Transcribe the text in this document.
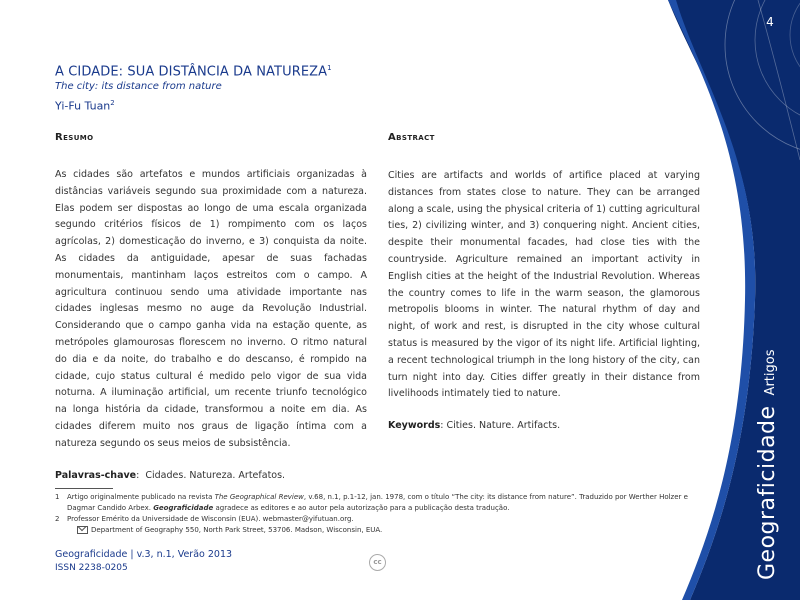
4
GeograficidadeArtigos
A CIDADE: SUA DISTÂNCIA DA NATUREZA$^1$
The city: its distance from nature
Yi-Fu Tuan$^2$
Resumo
As cidades são artefatos e mundos artificiais organizadas à distâncias variáveis segundo sua proximidade com a natureza. Elas podem ser dispostas ao longo de uma escala organizada segundo critérios físicos de 1) rompimento com os laços agrícolas, 2) domesticação do inverno, e 3) conquista da noite. As cidades da antiguidade, apesar de suas fachadas monumentais, mantinham laços estreitos com o campo. A agricultura continuou sendo uma atividade importante nas cidades inglesas mesmo no auge da Revolução Industrial. Considerando que o campo ganha vida na estação quente, as metrópoles glamourosas florescem no inverno. O ritmo natural do dia e da noite, do trabalho e do descanso, é rompido na cidade, cujo status cultural é medido pelo vigor de sua vida noturna. A iluminação artificial, um recente triunfo tecnológico na longa história da cidade, transformou a noite em dia. As cidades diferem muito nos graus de ligação íntima com a natureza segundo os seus meios de subsistência.
Palavras-chave:  Cidades. Natureza. Artefatos.
Abstract
Cities are artifacts and worlds of artifice placed at varying distances from states close to nature. They can be arranged along a scale, using the physical criteria of 1) cutting agricultural ties, 2) civilizing winter, and 3) conquering night. Ancient cities, despite their monumental facades, had close ties with the countryside. Agriculture remained an important activity in English cities at the height of the Industrial Revolution. Whereas the country comes to life in the warm season, the glamorous metropolis blooms in winter. The natural rhythm of day and night, of work and rest, is disrupted in the city whose cultural status is measured by the vigor of its night life. Artificial lighting, a recent technological triumph in the long history of the city, can turn night into day. Cities differ greatly in their distance from livelihoods intimately tied to nature.
Keywords: Cities. Nature. Artifacts.
1 Artigo originalmente publicado na revista The Geographical Review, v.68, n.1, p.1-12, jan. 1978, com o título “The city: its distance from nature”. Traduzido por Werther Holzer e Dagmar Candido Arbex. Geograficidade agradece as editores e ao autor pela autorização para a publicação desta tradução.
2 Professor Emérito da Universidade de Wisconsin (EUA). webmaster@yifutuan.org.
Department of Geography 550, North Park Street, 53706. Madson, Wisconsin, EUA.
Geograficidade | v.3, n.1, Verão 2013
ISSN 2238-0205
cc
